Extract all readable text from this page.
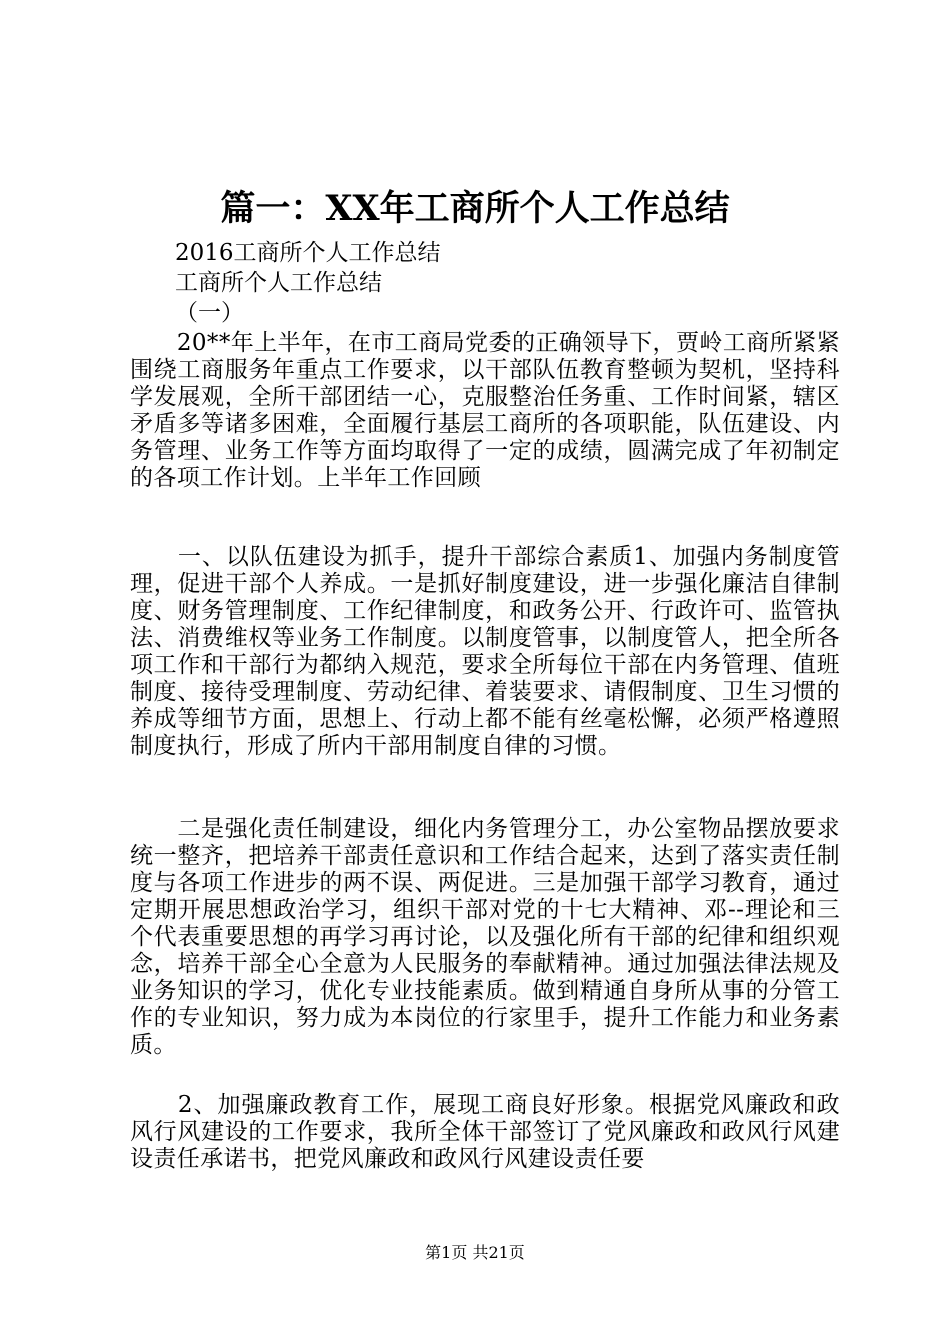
篇一：XX年工商所个人工作总结
2016工商所个人工作总结
工商所个人工作总结
（一）

　　20**年上半年，在市工商局党委的正确领导下，贾岭工商所紧紧围绕工商服务年重点工作要求，以干部队伍教育整顿为契机，坚持科学发展观，全所干部团结一心，克服整治任务重、工作时间紧，辖区矛盾多等诸多困难，全面履行基层工商所的各项职能，队伍建设、内务管理、业务工作等方面均取得了一定的成绩，圆满完成了年初制定的各项工作计划。上半年工作回顾

　　一、以队伍建设为抓手，提升干部综合素质1、加强内务制度管理，促进干部个人养成。一是抓好制度建设，进一步强化廉洁自律制度、财务管理制度、工作纪律制度，和政务公开、行政许可、监管执法、消费维权等业务工作制度。以制度管事，以制度管人，把全所各项工作和干部行为都纳入规范，要求全所每位干部在内务管理、值班制度、接待受理制度、劳动纪律、着装要求、请假制度、卫生习惯的养成等细节方面，思想上、行动上都不能有丝毫松懈，必须严格遵照制度执行，形成了所内干部用制度自律的习惯。

　　二是强化责任制建设，细化内务管理分工，办公室物品摆放要求统一整齐，把培养干部责任意识和工作结合起来，达到了落实责任制度与各项工作进步的两不误、两促进。三是加强干部学习教育，通过定期开展思想政治学习，组织干部对党的十七大精神、邓--理论和三个代表重要思想的再学习再讨论，以及强化所有干部的纪律和组织观念，培养干部全心全意为人民服务的奉献精神。通过加强法律法规及业务知识的学习，优化专业技能素质。做到精通自身所从事的分管工作的专业知识，努力成为本岗位的行家里手，提升工作能力和业务素质。

　　2、加强廉政教育工作，展现工商良好形象。根据党风廉政和政风行风建设的工作要求，我所全体干部签订了党风廉政和政风行风建设责任承诺书，把党风廉政和政风行风建设责任要

第1页 共21页
